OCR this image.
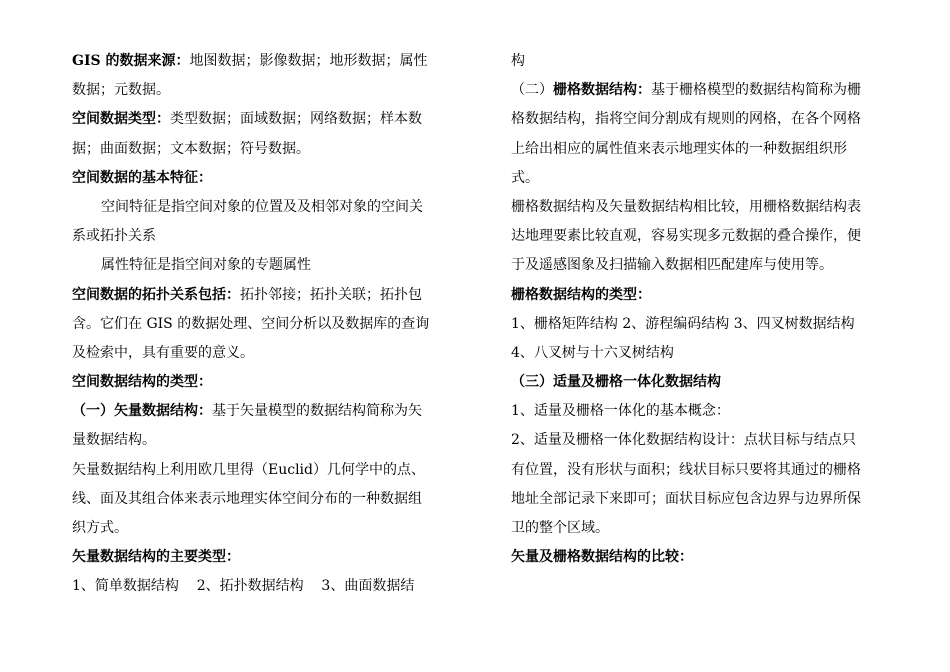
GIS 的数据来源：地图数据；影像数据；地形数据；属性
数据；元数据。
空间数据类型：类型数据；面域数据；网络数据；样本数
据；曲面数据；文本数据；符号数据。
空间数据的基本特征：
空间特征是指空间对象的位置及及相邻对象的空间关
系或拓扑关系
属性特征是指空间对象的专题属性
空间数据的拓扑关系包括：拓扑邻接；拓扑关联；拓扑包
含。它们在 GIS 的数据处理、空间分析以及数据库的查询
及检索中，具有重要的意义。
空间数据结构的类型：
（一）矢量数据结构：基于矢量模型的数据结构简称为矢
量数据结构。
矢量数据结构上利用欧几里得（Euclid）几何学中的点、
线、面及其组合体来表示地理实体空间分布的一种数据组
织方式。
矢量数据结构的主要类型：
1、简单数据结构    2、拓扑数据结构    3、曲面数据结
构
（二）栅格数据结构：基于栅格模型的数据结构简称为栅
格数据结构，指将空间分割成有规则的网格，在各个网格
上给出相应的属性值来表示地理实体的一种数据组织形
式。
栅格数据结构及矢量数据结构相比较，用栅格数据结构表
达地理要素比较直观，容易实现多元数据的叠合操作，便
于及遥感图象及扫描输入数据相匹配建库与使用等。
栅格数据结构的类型：
1、栅格矩阵结构 2、游程编码结构 3、四叉树数据结构
4、八叉树与十六叉树结构
（三）适量及栅格一体化数据结构
1、适量及栅格一体化的基本概念：
2、适量及栅格一体化数据结构设计：点状目标与结点只
有位置，没有形状与面积；线状目标只要将其通过的栅格
地址全部记录下来即可；面状目标应包含边界与边界所保
卫的整个区域。
矢量及栅格数据结构的比较：
